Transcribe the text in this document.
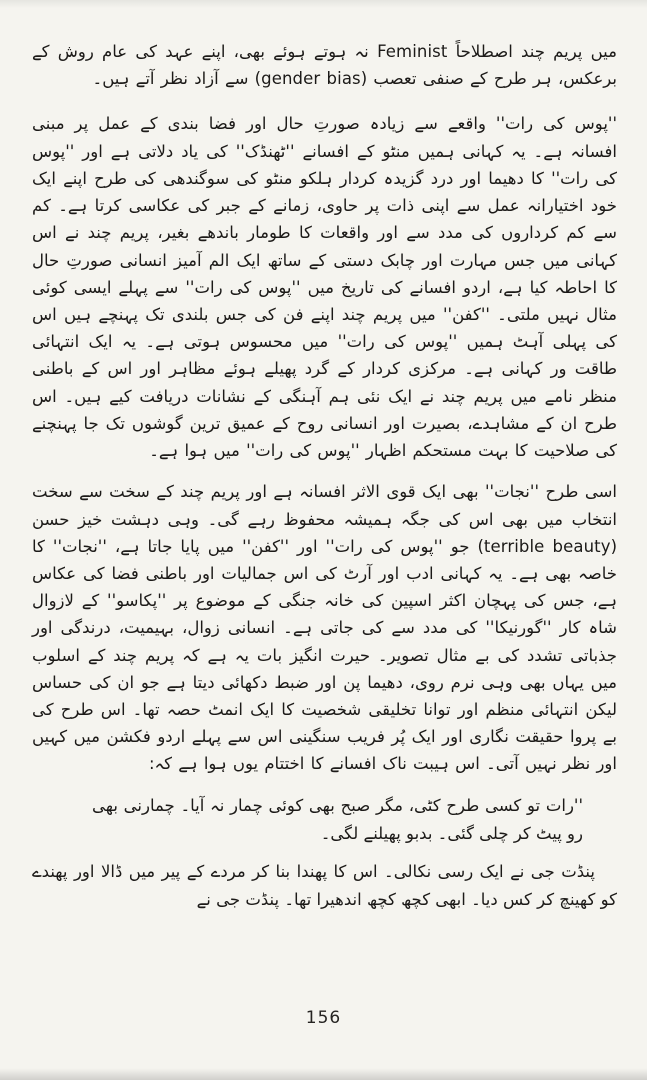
میں پریم چند اصطلاحاً Feminist نہ ہوتے ہوئے بھی، اپنے عہد کی عام روش کے برعکس، ہر طرح کے صنفی تعصب (gender bias) سے آزاد نظر آتے ہیں۔

''پوس کی رات'' واقعے سے زیادہ صورتِ حال اور فضا بندی کے عمل پر مبنی افسانہ ہے۔ یہ کہانی ہمیں منٹو کے افسانے ''ٹھنڈک'' کی یاد دلاتی ہے اور ''پوس کی رات'' کا دھیما اور درد گزیدہ کردار ہلکو منٹو کی سوگندھی کی طرح اپنے ایک خود اختیارانہ عمل سے اپنی ذات پر حاوی، زمانے کے جبر کی عکاسی کرتا ہے۔ کم سے کم کرداروں کی مدد سے اور واقعات کا طومار باندھے بغیر، پریم چند نے اس کہانی میں جس مہارت اور چابک دستی کے ساتھ ایک الم آمیز انسانی صورتِ حال کا احاطہ کیا ہے، اردو افسانے کی تاریخ میں ''پوس کی رات'' سے پہلے ایسی کوئی مثال نہیں ملتی۔ ''کفن'' میں پریم چند اپنے فن کی جس بلندی تک پہنچے ہیں اس کی پہلی آہٹ ہمیں ''پوس کی رات'' میں محسوس ہوتی ہے۔ یہ ایک انتہائی طاقت ور کہانی ہے۔ مرکزی کردار کے گرد پھیلے ہوئے مظاہر اور اس کے باطنی منظر نامے میں پریم چند نے ایک نئی ہم آہنگی کے نشانات دریافت کیے ہیں۔ اس طرح ان کے مشاہدے، بصیرت اور انسانی روح کے عمیق ترین گوشوں تک جا پہنچنے کی صلاحیت کا بہت مستحکم اظہار ''پوس کی رات'' میں ہوا ہے۔

اسی طرح ''نجات'' بھی ایک قوی الاثر افسانہ ہے اور پریم چند کے سخت سے سخت انتخاب میں بھی اس کی جگہ ہمیشہ محفوظ رہے گی۔ وہی دہشت خیز حسن (terrible beauty) جو ''پوس کی رات'' اور ''کفن'' میں پایا جاتا ہے، ''نجات'' کا خاصہ بھی ہے۔ یہ کہانی ادب اور آرٹ کی اس جمالیات اور باطنی فضا کی عکاس ہے، جس کی پہچان اکثر اسپین کی خانہ جنگی کے موضوع پر ''پکاسو'' کے لازوال شاہ کار ''گورنیکا'' کی مدد سے کی جاتی ہے۔ انسانی زوال، بہیمیت، درندگی اور جذباتی تشدد کی بے مثال تصویر۔ حیرت انگیز بات یہ ہے کہ پریم چند کے اسلوب میں یہاں بھی وہی نرم روی، دھیما پن اور ضبط دکھائی دیتا ہے جو ان کی حساس لیکن انتہائی منظم اور توانا تخلیقی شخصیت کا ایک انمٹ حصہ تھا۔ اس طرح کی بے پروا حقیقت نگاری اور ایک پُر فریب سنگینی اس سے پہلے اردو فکشن میں کہیں اور نظر نہیں آتی۔ اس ہیبت ناک افسانے کا اختتام یوں ہوا ہے کہ:

''رات تو کسی طرح کٹی، مگر صبح بھی کوئی چمار نہ آیا۔ چمارنی بھی رو پیٹ کر چلی گئی۔ بدبو پھیلنے لگی۔

پنڈت جی نے ایک رسی نکالی۔ اس کا پھندا بنا کر مردے کے پیر میں ڈالا اور پھندے کو کھینچ کر کس دیا۔ ابھی کچھ کچھ اندھیرا تھا۔ پنڈت جی نے

156
